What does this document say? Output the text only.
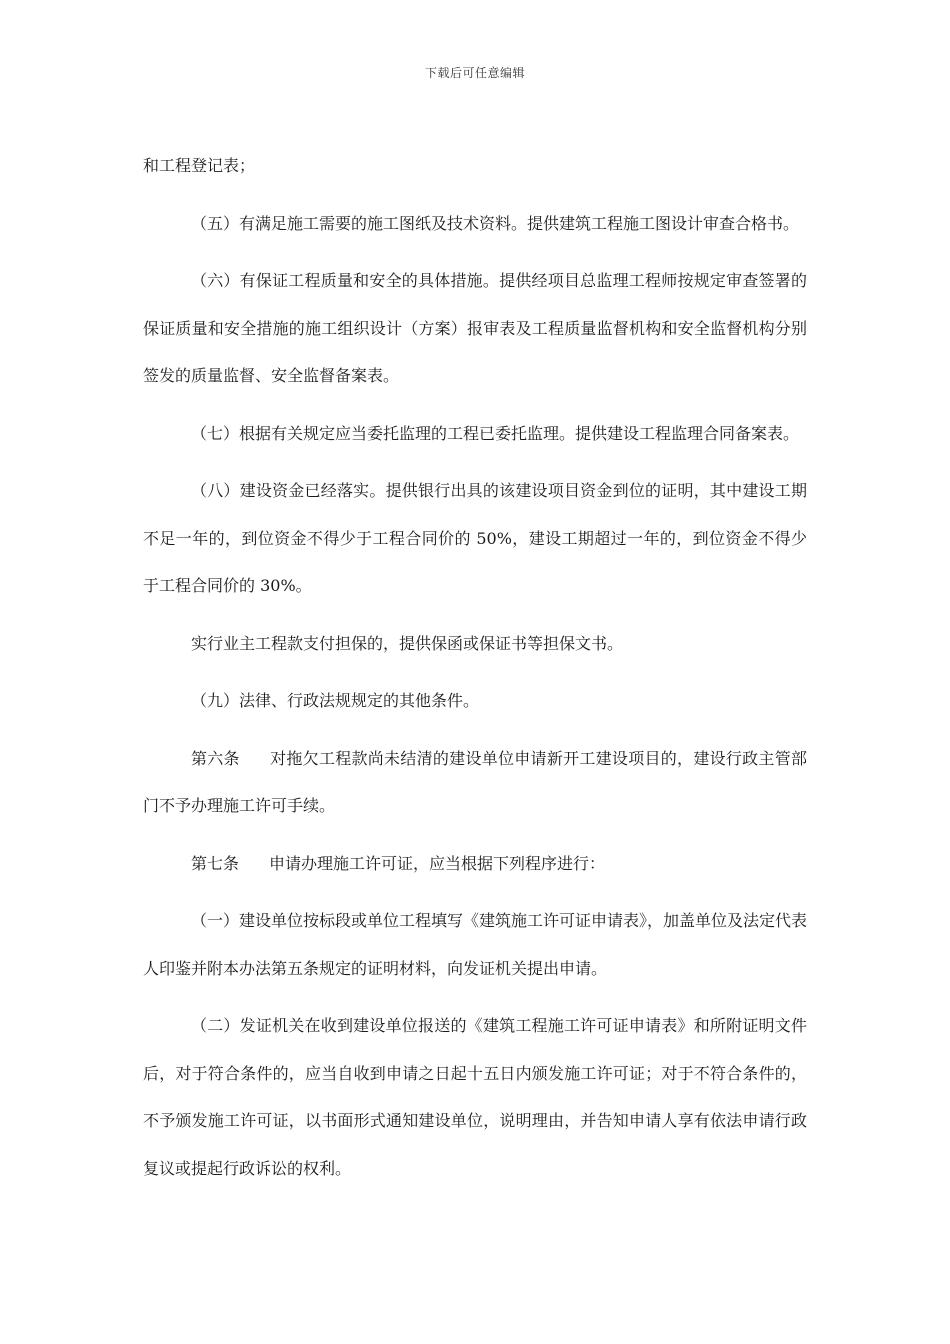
下载后可任意编辑

和工程登记表；

（五）有满足施工需要的施工图纸及技术资料。提供建筑工程施工图设计审查合格书。

（六）有保证工程质量和安全的具体措施。提供经项目总监理工程师按规定审查签署的保证质量和安全措施的施工组织设计（方案）报审表及工程质量监督机构和安全监督机构分别签发的质量监督、安全监督备案表。

（七）根据有关规定应当委托监理的工程已委托监理。提供建设工程监理合同备案表。

（八）建设资金已经落实。提供银行出具的该建设项目资金到位的证明，其中建设工期不足一年的，到位资金不得少于工程合同价的 50%，建设工期超过一年的，到位资金不得少于工程合同价的 30%。

实行业主工程款支付担保的，提供保函或保证书等担保文书。

（九）法律、行政法规规定的其他条件。

第六条 对拖欠工程款尚未结清的建设单位申请新开工建设项目的，建设行政主管部门不予办理施工许可手续。

第七条 申请办理施工许可证，应当根据下列程序进行：

（一）建设单位按标段或单位工程填写《建筑施工许可证申请表》，加盖单位及法定代表人印鉴并附本办法第五条规定的证明材料，向发证机关提出申请。

（二）发证机关在收到建设单位报送的《建筑工程施工许可证申请表》和所附证明文件后，对于符合条件的，应当自收到申请之日起十五日内颁发施工许可证；对于不符合条件的，不予颁发施工许可证，以书面形式通知建设单位，说明理由，并告知申请人享有依法申请行政复议或提起行政诉讼的权利。
